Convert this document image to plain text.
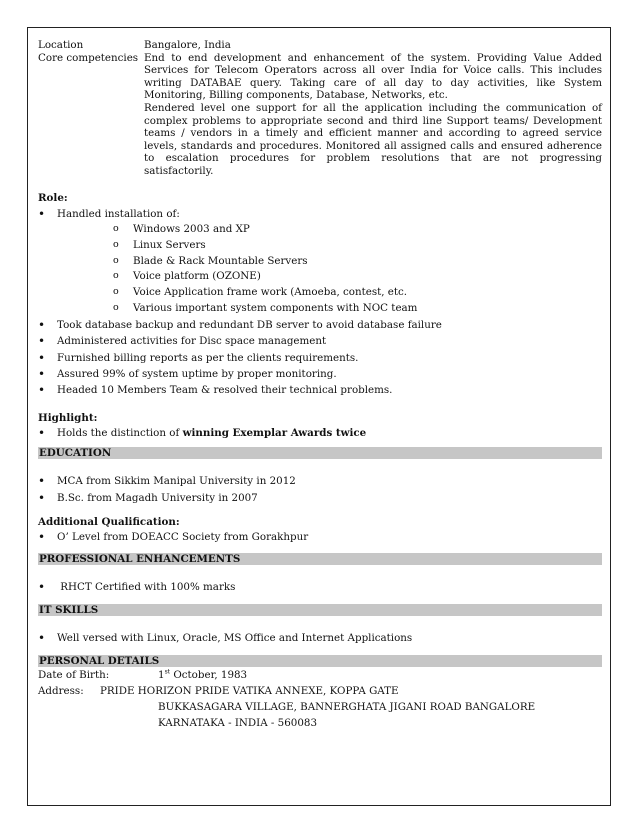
Location	Bangalore, India
Core competencies End to end development and enhancement of the system. Providing Value Added Services for Telecom Operators across all over India for Voice calls. This includes writing DATABAE query. Taking care of all day to day activities, like System Monitoring, Billing components, Database, Networks, etc.
Rendered level one support for all the application including the communication of complex problems to appropriate second and third line Support teams/ Development teams / vendors in a timely and efficient manner and according to agreed service levels, standards and procedures. Monitored all assigned calls and ensured adherence to escalation procedures for problem resolutions that are not progressing satisfactorily.
Role:
• Handled installation of:
o Windows 2003 and XP
o Linux Servers
o Blade & Rack Mountable Servers
o Voice platform (OZONE)
o Voice Application frame work (Amoeba, contest, etc.
o Various important system components with NOC team
• Took database backup and redundant DB server to avoid database failure
• Administered activities for Disc space management
• Furnished billing reports as per the clients requirements.
• Assured 99% of system uptime by proper monitoring.
• Headed 10 Members Team & resolved their technical problems.
Highlight:
• Holds the distinction of winning Exemplar Awards twice
EDUCATION
• MCA from Sikkim Manipal University in 2012
• B.Sc. from Magadh University in 2007
Additional Qualification:
• O’ Level from DOEACC Society from Gorakhpur
PROFESSIONAL ENHANCEMENTS
• RHCT Certified with 100% marks
IT SKILLS
• Well versed with Linux, Oracle, MS Office and Internet Applications
PERSONAL DETAILS
Date of Birth:	1st October, 1983
Address:	PRIDE HORIZON PRIDE VATIKA ANNEXE, KOPPA GATE
BUKKASAGARA VILLAGE, BANNERGHATA JIGANI ROAD BANGALORE
KARNATAKA - INDIA - 560083
